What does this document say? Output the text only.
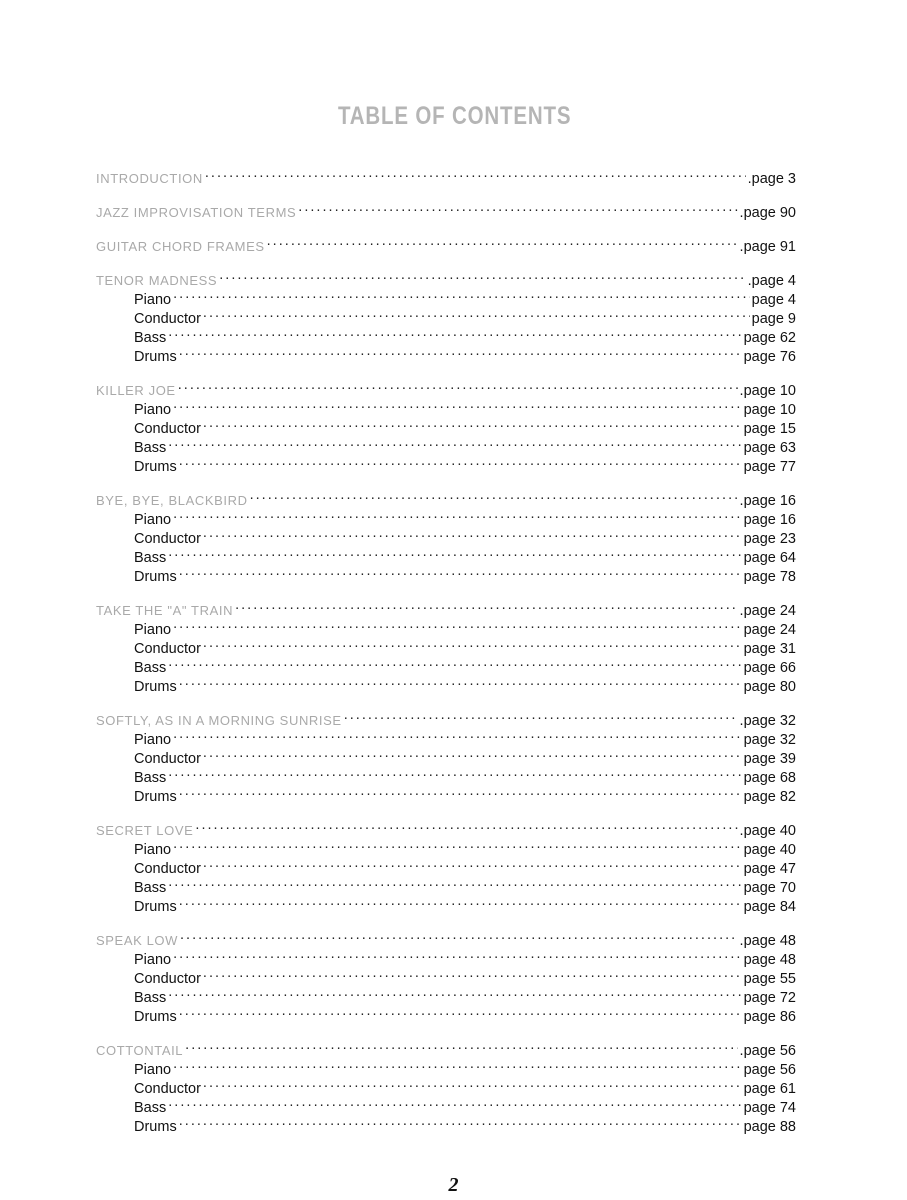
TABLE OF CONTENTS
INTRODUCTION . . .	.page 3
JAZZ IMPROVISATION TERMS . . .	.page 90
GUITAR CHORD FRAMES . . .	.page 91
TENOR MADNESS . . .	.page 4
Piano . . .	page 4
Conductor . . .	page 9
Bass . . .	page 62
Drums . . .	page 76
KILLER JOE . . .	.page 10
Piano . . .	page 10
Conductor . . .	page 15
Bass . . .	page 63
Drums . . .	page 77
BYE, BYE, BLACKBIRD . . .	.page 16
Piano . . .	page 16
Conductor . . .	page 23
Bass . . .	page 64
Drums . . .	page 78
TAKE THE "A" TRAIN . . .	.page 24
Piano . . .	page 24
Conductor . . .	page 31
Bass . . .	page 66
Drums . . .	page 80
SOFTLY, AS IN A MORNING SUNRISE . . .	.page 32
Piano . . .	page 32
Conductor . . .	page 39
Bass . . .	page 68
Drums . . .	page 82
SECRET LOVE . . .	.page 40
Piano . . .	page 40
Conductor . . .	page 47
Bass . . .	page 70
Drums . . .	page 84
SPEAK LOW . . .	.page 48
Piano . . .	page 48
Conductor . . .	page 55
Bass . . .	page 72
Drums . . .	page 86
COTTONTAIL . . .	.page 56
Piano . . .	page 56
Conductor . . .	page 61
Bass . . .	page 74
Drums . . .	page 88
2
